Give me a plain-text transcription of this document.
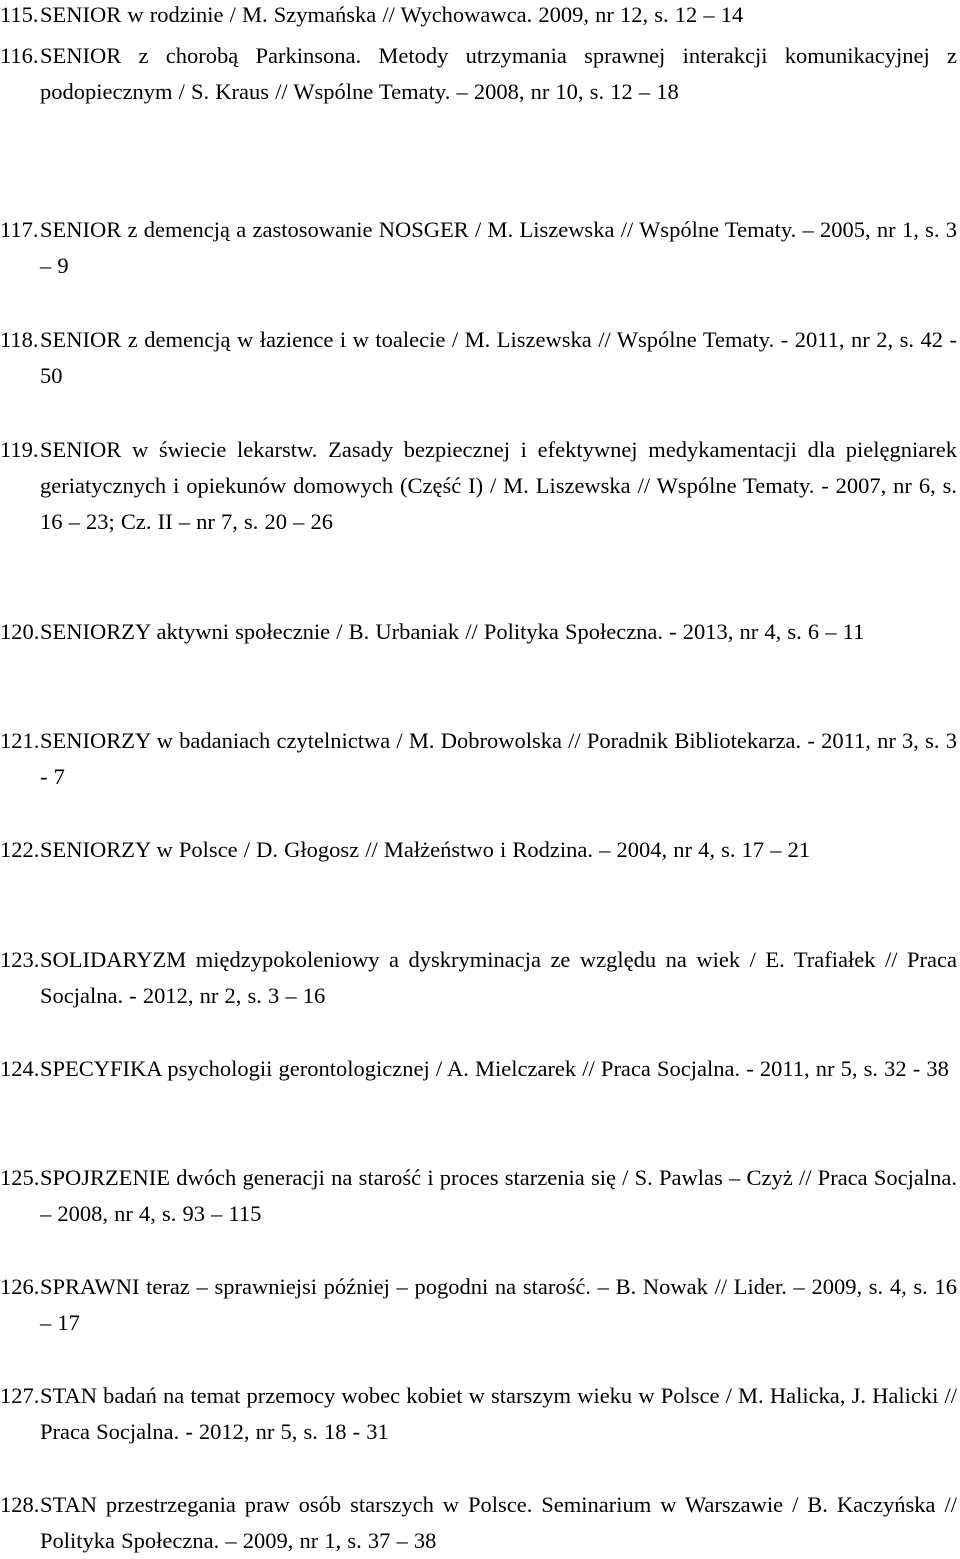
115. SENIOR w rodzinie / M. Szymańska // Wychowawca. 2009, nr 12, s. 12 – 14
116. SENIOR z chorobą Parkinsona. Metody utrzymania sprawnej interakcji komunikacyjnej z podopiecznym / S. Kraus // Wspólne Tematy. – 2008, nr 10, s. 12 – 18
117. SENIOR z demencją a zastosowanie NOSGER / M. Liszewska // Wspólne Tematy. – 2005, nr 1, s. 3 – 9
118. SENIOR z demencją w łazience i w toalecie / M. Liszewska // Wspólne Tematy. - 2011, nr 2, s. 42 - 50
119. SENIOR w świecie lekarstw. Zasady bezpiecznej i efektywnej medykamentacji dla pielęgniarek geriatycznych i opiekunów domowych (Część I) / M. Liszewska // Wspólne Tematy. - 2007, nr 6, s. 16 – 23; Cz. II – nr 7, s. 20 – 26
120. SENIORZY aktywni społecznie / B. Urbaniak // Polityka Społeczna. - 2013, nr 4, s. 6 – 11
121. SENIORZY w badaniach czytelnictwa / M. Dobrowolska // Poradnik Bibliotekarza. - 2011, nr 3, s. 3 - 7
122. SENIORZY w Polsce / D. Głogosz // Małżeństwo i Rodzina. – 2004, nr 4, s. 17 – 21
123. SOLIDARYZM międzypokoleniowy a dyskryminacja ze względu na wiek / E. Trafiałek // Praca Socjalna. - 2012, nr 2, s. 3 – 16
124. SPECYFIKA psychologii gerontologicznej / A. Mielczarek // Praca Socjalna. - 2011, nr 5, s. 32 - 38
125. SPOJRZENIE dwóch generacji na starość i proces starzenia się / S. Pawlas – Czyż // Praca Socjalna. – 2008, nr 4, s. 93 – 115
126. SPRAWNI teraz – sprawniejsi później – pogodni na starość. – B. Nowak // Lider. – 2009, s. 4, s. 16 – 17
127. STAN badań na temat przemocy wobec kobiet w starszym wieku w Polsce / M. Halicka, J. Halicki // Praca Socjalna. - 2012, nr 5, s. 18 - 31
128. STAN przestrzegania praw osób starszych w Polsce. Seminarium w Warszawie / B. Kaczyńska // Polityka Społeczna. – 2009, nr 1, s. 37 – 38
